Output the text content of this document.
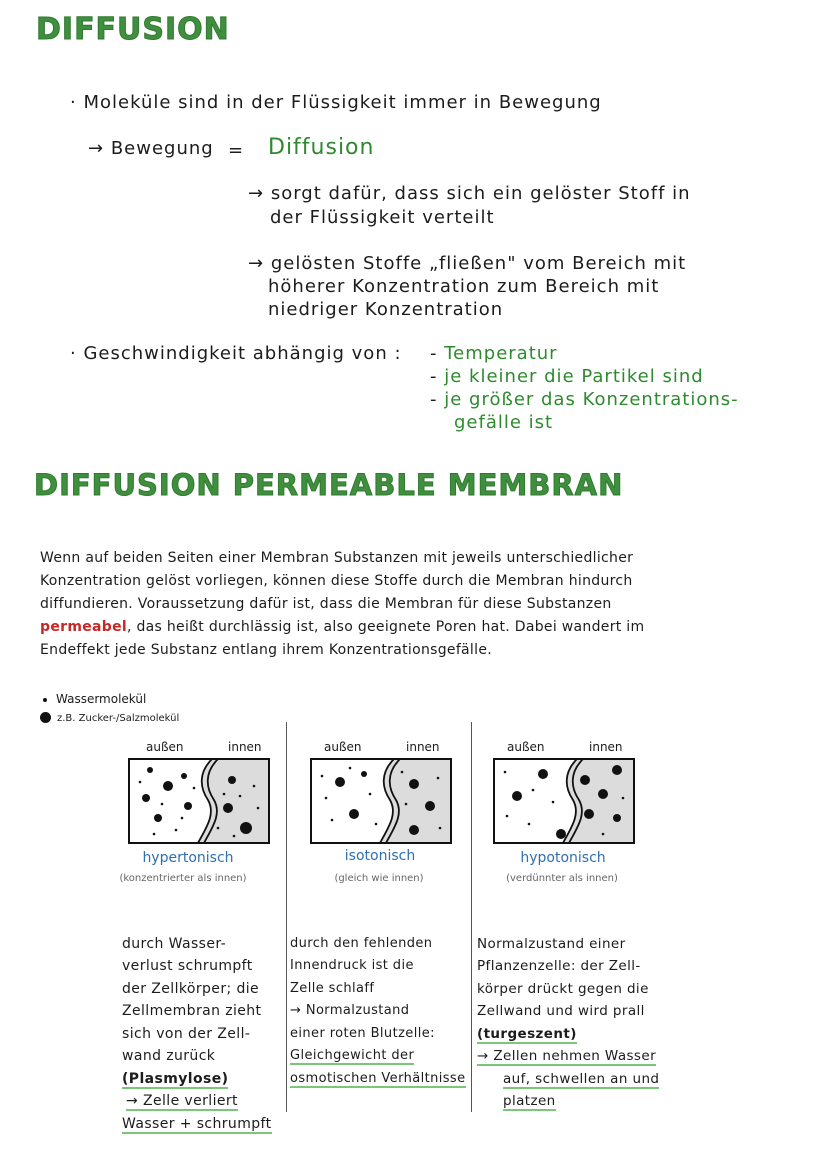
DIFFUSION
· Moleküle sind in der Flüssigkeit immer in Bewegung
→ Bewegung = Diffusion
→ sorgt dafür, dass sich ein gelöster Stoff in
der Flüssigkeit verteilt
→ gelösten Stoffe „fließen" vom Bereich mit
höherer Konzentration zum Bereich mit
niedriger Konzentration
· Geschwindigkeit abhängig von : - Temperatur
- je kleiner die Partikel sind
- je größer das Konzentrations-
gefälle ist
DIFFUSION PERMEABLE MEMBRAN
Wenn auf beiden Seiten einer Membran Substanzen mit jeweils unterschiedlicher
Konzentration gelöst vorliegen, können diese Stoffe durch die Membran hindurch
diffundieren. Voraussetzung dafür ist, dass die Membran für diese Substanzen
permeabel, das heißt durchlässig ist, also geeignete Poren hat. Dabei wandert im
Endeffekt jede Substanz entlang ihrem Konzentrationsgefälle.
Wassermolekül
z.B. Zucker-/Salzmolekül
außen	innen
hypertonisch
(konzentrierter als innen)
außen	innen
isotonisch
(gleich wie innen)
außen	innen
hypotonisch
(verdünnter als innen)

durch Wasser-
verlust schrumpft
der Zellkörper; die
Zellmembran zieht
sich von der Zell-
wand zurück
(Plasmylose)
→ Zelle verliert
Wasser + schrumpft

durch den fehlenden
Innendruck ist die
Zelle schlaff
→ Normalzustand
einer roten Blutzelle:
Gleichgewicht der
osmotischen Verhältnisse

Normalzustand einer
Pflanzenzelle: der Zell-
körper drückt gegen die
Zellwand und wird prall
(turgeszent)
→ Zellen nehmen Wasser
auf, schwellen an und
platzen
